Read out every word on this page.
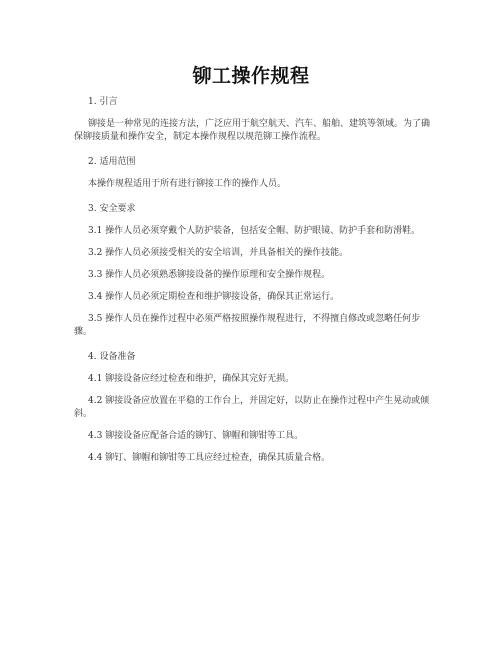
铆工操作规程

1. 引言

铆接是一种常见的连接方法，广泛应用于航空航天、汽车、船舶、建筑等领域。为了确保铆接质量和操作安全，制定本操作规程以规范铆工操作流程。

2. 适用范围

本操作规程适用于所有进行铆接工作的操作人员。

3. 安全要求

3.1 操作人员必须穿戴个人防护装备，包括安全帽、防护眼镜、防护手套和防滑鞋。

3.2 操作人员必须接受相关的安全培训，并具备相关的操作技能。

3.3 操作人员必须熟悉铆接设备的操作原理和安全操作规程。

3.4 操作人员必须定期检查和维护铆接设备，确保其正常运行。

3.5 操作人员在操作过程中必须严格按照操作规程进行，不得擅自修改或忽略任何步骤。

4. 设备准备

4.1 铆接设备应经过检查和维护，确保其完好无损。

4.2 铆接设备应放置在平稳的工作台上，并固定好，以防止在操作过程中产生晃动或倾斜。

4.3 铆接设备应配备合适的铆钉、铆帽和铆钳等工具。

4.4 铆钉、铆帽和铆钳等工具应经过检查，确保其质量合格。
